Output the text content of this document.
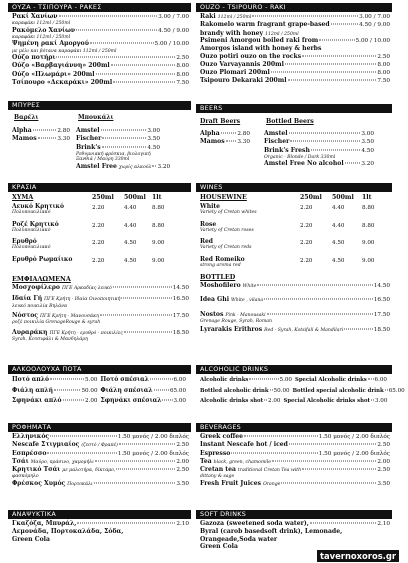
ΟΥΖΑ - ΤΣΙΠΟΥΡΑ - ΡΑΚΕΣ
Ρακί Χανίων	3.00 / 7.00
καραφάκι 112ml / 250ml
Ρακόμελο Χανίων	4.50 / 9.00
καραφάκι 112ml / 250ml
Ψημένη ρακί Αμοργού	5.00 / 10.00
με μέλι και βότανα καραφάκι 112ml / 250ml
Ούζο ποτήρι	2.50
Ούζο «Βαρβαγιάννη» 200ml	8.00
Ούζο «Πλωμάρι» 200ml	8.00
Τσίπουρο «Δεκαράκι» 200ml	7.50
ΜΠΥΡΕΣ
Βαρέλι	Μπουκάλι
Alpha	2.80
Mamos	3.30
Amstel	3.00
Fischer	3.50
Brink's	4.50
Ρεθυμνιακή φρέσκια, βιολογική Ξανθιά / Μαύρη 330ml
Amstel Free χωρίς αλκοόλ 3.20
ΚΡΑΣΙΑ
ΧΥΜΑ	250ml 500ml 1lt
Λευκό Κρητικό
Πολυποικιλιακό
2.20	4.40	8.80
Ροζέ Κρητικό
Πολυποικιλιακό
2.20	4.40	8.80
Ερυθρό
Πολυποικιλιακό
2.20	4.50	9.00
Ερυθρό Ρωμαίικο	2.20	4.50	9.00
ΕΜΦΙΑΛΩΜΕΝΑ
Μοσχοφίλερο ΠΓΕ Αρκαδίας λευκό	14.50
Ιδαία Γή ΠΓΕ Κρήτη - Ιδαία Οινοποιητική	16.50
λευκό ποικιλία Βηλάνα
Νόστος ΠΓΕ Κρήτη - Μανουσάκη	17.50
ροζέ ποικιλία GrenageRouge & syrah
Λυραράκη ΠΓΕ Κρήτη - ερυθρό - ποικιλίες	18.50
Syrah, Κοτσιφάλι & Μανδηλάρη
ΑΛΚΟΟΛΟΥΧΑ ΠΟΤΑ
Ποτό απλό	5.00 Ποτό σπέσιαλ	6.00
Φιάλη απλή	50.00 Φιάλη σπέσιαλ	65.00
Σφηνάκι απλό	2.00 Σφηνάκι σπέσιαλ 3.00
ΡΟΦΗΜΑΤΑ
Ελληνικός	1.50 μονός / 2.00 διπλός
Nescafe Στιγμιαίος (ζεστό / Φραπέ)	2.50
Εσπρέσσο	1.50 μονός / 2.00 διπλός
Τσάι Μαύρο, πράσινο, χαμομήλι	2.00
Κρητικό Τσάι με μαλοτήρα, δίκταμο,	2.50
φασκόμηλο
Φρέσκος Χυμός Πορτοκάλι	3.50
ΑΝΑΨΥΚΤΙΚΑ
Γκαζόζα, Μπυράλ,	2.10
Λεμονάδα, Πορτοκαλάδα, Σόδα,
Green Cola
OUZO - TSIPOURO - RAKI
Raki 112ml / 250ml	3.00 / 7.00
Rakomelo warm fragrant grape-based	4.50 / 9.00
brandy with honey 112ml / 250ml
Psimeni Amorgou boiled raki from	5.00 / 10.00
Amorgos island with honey & herbs
Ouzo potiri ouzo on the rocks	2.50
Ouzo Varvayannis 200ml	8.00
Ouzo Plomari 200ml	8.00
Tsipouro Dekaraki 200ml	7.50
BEERS
Draft Beers	Bottled Beers
Alpha	2.80
Mamos 3.30
Amstel	3.00
Fischer	3.50
Brink's Fresh	4.50
Organic - Blonde / Dark 330ml
Amstel Free No alcohol	3.20
WINES
HOUSEWINE	250ml 500ml 1lt
White
Variety of Cretan whites
2.20	4.40	8.80
Rose
Variety of Cretan roses
2.20	4.40	8.80
Red
Variety of Cretan reds
2.20	4.50	9.00
Red Romeiko
strong aroma red
2.20	4.50	9.00
BOTTLED
Moshofilero White	14.50
Idea Ghi White , vilana	16.50
Nostos Pink - Manousaki	17.50
Grenage Rouge, Syrah, Roman
Lyrarakis Erithros Red - Syrah, Kotsifali & Mandilari	18.50
ALCOHOLIC DRINKS
Alcoholic drinks	5.00 Special Alcoholic drinks 6.00
Bottled alcoholic drink 50.00 Bottled special alcoholic drink 65.00
Alcoholic drinks shot 2.00 Special Alcoholic drinks shot 3.00
BEVERAGES
Greek coffee	1.50 μονός / 2.00 διπλός
Instant Nescafe hot / iced	2.50
Espresso	1.50 μονός / 2.00 διπλός
Tea black, green, chamomile	2.00
Cretan tea traditional Cretan Tea with	2.50
dittany & sage
Fresh Fruit Juices Orange	3.50
SOFT DRINKS
Gazoza (sweetened soda water),	2.10
Byral (carob basedsoft drink), Lemonade,
Orangeade,Soda water
Green Cola
tavernoxoros.gr
